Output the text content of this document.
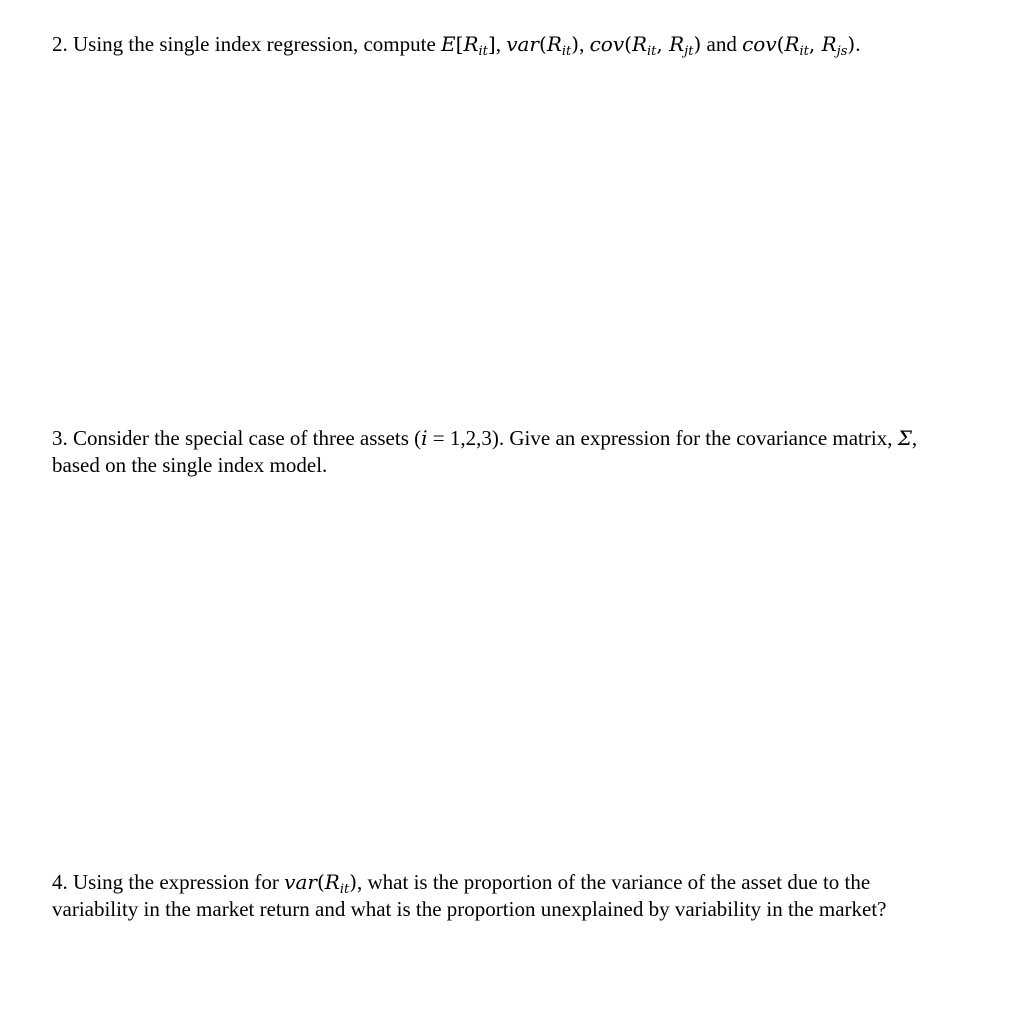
2. Using the single index regression, compute $E[R_{it}]$, $var(R_{it})$, $cov(R_{it}$, $R_{jt}$) and $cov(R_{it}$, $R_{js}$).
3. Consider the special case of three assets (i = 1,2,3). Give an expression for the covariance matrix, Σ, based on the single index model.
4. Using the expression for $var(R_{it})$, what is the proportion of the variance of the asset due to the variability in the market return and what is the proportion unexplained by variability in the market?
